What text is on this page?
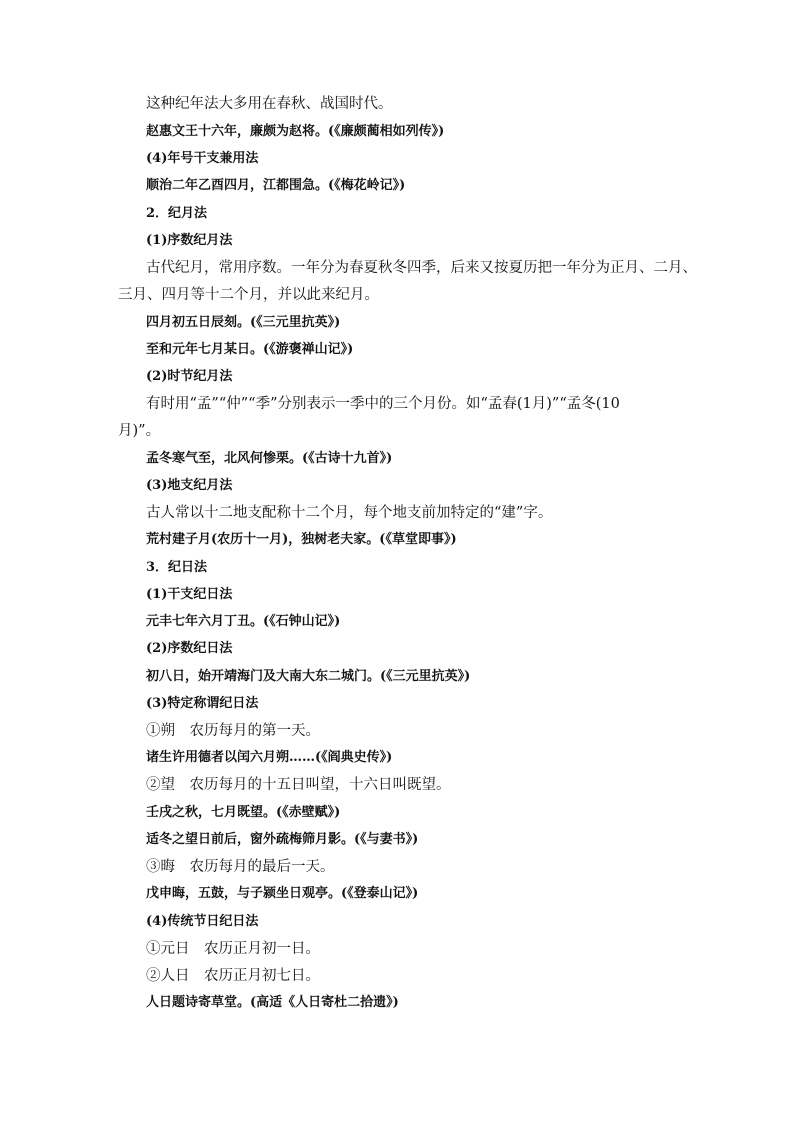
这种纪年法大多用在春秋、战国时代。
赵惠文王十六年，廉颇为赵将。(《廉颇蔺相如列传》)
(4)年号干支兼用法
顺治二年乙酉四月，江都围急。(《梅花岭记》)
2．纪月法
(1)序数纪月法
古代纪月，常用序数。一年分为春夏秋冬四季，后来又按夏历把一年分为正月、二月、
三月、四月等十二个月，并以此来纪月。
四月初五日辰刻。(《三元里抗英》)
至和元年七月某日。(《游褒禅山记》)
(2)时节纪月法
有时用“孟”“仲”“季”分别表示一季中的三个月份。如“孟春(1月)”“孟冬(10
月)”。
孟冬寒气至，北风何惨栗。(《古诗十九首》)
(3)地支纪月法
古人常以十二地支配称十二个月，每个地支前加特定的“建”字。
荒村建子月(农历十一月)，独树老夫家。(《草堂即事》)
3．纪日法
(1)干支纪日法
元丰七年六月丁丑。(《石钟山记》)
(2)序数纪日法
初八日，始开靖海门及大南大东二城门。(《三元里抗英》)
(3)特定称谓纪日法
①朔　农历每月的第一天。
诸生许用德者以闰六月朔……(《阎典史传》)
②望　农历每月的十五日叫望，十六日叫既望。
壬戌之秋，七月既望。(《赤壁赋》)
适冬之望日前后，窗外疏梅筛月影。(《与妻书》)
③晦　农历每月的最后一天。
戊申晦，五鼓，与子颍坐日观亭。(《登泰山记》)
(4)传统节日纪日法
①元日　农历正月初一日。
②人日　农历正月初七日。
人日题诗寄草堂。(高适《人日寄杜二拾遗》)
